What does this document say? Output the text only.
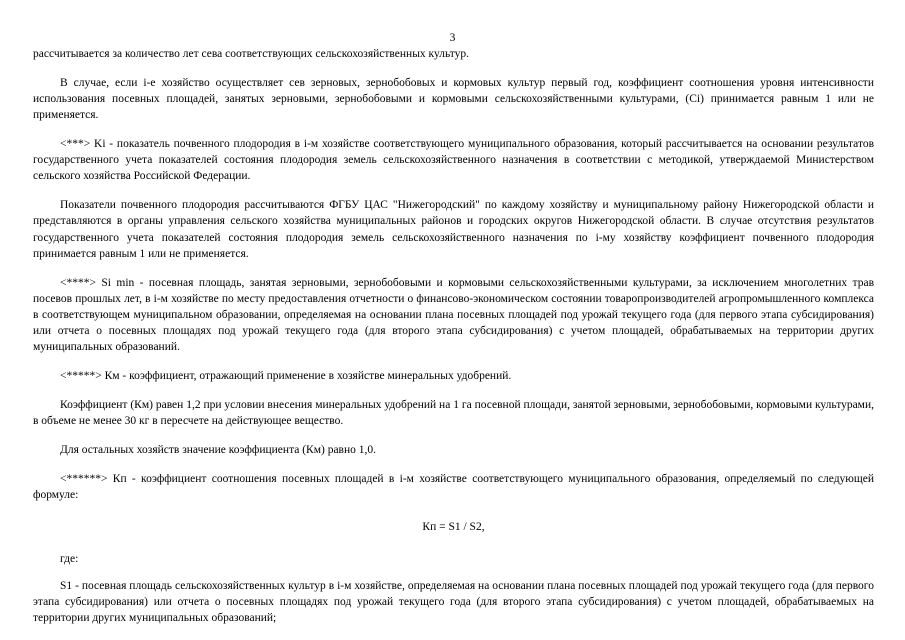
3

рассчитывается за количество лет сева соответствующих сельскохозяйственных культур.

В случае, если i-е хозяйство осуществляет сев зерновых, зернобобовых и кормовых культур первый год, коэффициент соотношения уровня интенсивности использования посевных площадей, занятых зерновыми, зернобобовыми и кормовыми сельскохозяйственными культурами, (Ci) принимается равным 1 или не применяется.

<***> Ki - показатель почвенного плодородия в i-м хозяйстве соответствующего муниципального образования, который рассчитывается на основании результатов государственного учета показателей состояния плодородия земель сельскохозяйственного назначения в соответствии с методикой, утверждаемой Министерством сельского хозяйства Российской Федерации.

Показатели почвенного плодородия рассчитываются ФГБУ ЦАС "Нижегородский" по каждому хозяйству и муниципальному району Нижегородской области и представляются в органы управления сельского хозяйства муниципальных районов и городских округов Нижегородской области. В случае отсутствия результатов государственного учета показателей состояния плодородия земель сельскохозяйственного назначения по i-му хозяйству коэффициент почвенного плодородия принимается равным 1 или не применяется.

<****> Si min - посевная площадь, занятая зерновыми, зернобобовыми и кормовыми сельскохозяйственными культурами, за исключением многолетних трав посевов прошлых лет, в i-м хозяйстве по месту предоставления отчетности о финансово-экономическом состоянии товаропроизводителей агропромышленного комплекса в соответствующем муниципальном образовании, определяемая на основании плана посевных площадей под урожай текущего года (для первого этапа субсидирования) или отчета о посевных площадях под урожай текущего года (для второго этапа субсидирования) с учетом площадей, обрабатываемых на территории других муниципальных образований.

<*****> Км - коэффициент, отражающий применение в хозяйстве минеральных удобрений.

Коэффициент (Км) равен 1,2 при условии внесения минеральных удобрений на 1 га посевной площади, занятой зерновыми, зернобобовыми, кормовыми культурами, в объеме не менее 30 кг в пересчете на действующее вещество.

Для остальных хозяйств значение коэффициента (Км) равно 1,0.

<******> Кп - коэффициент соотношения посевных площадей в i-м хозяйстве соответствующего муниципального образования, определяемый по следующей формуле:

Кп = S1 / S2,

где:

S1 - посевная площадь сельскохозяйственных культур в i-м хозяйстве, определяемая на основании плана посевных площадей под урожай текущего года (для первого этапа субсидирования) или отчета о посевных площадях под урожай текущего года (для второго этапа субсидирования) с учетом площадей, обрабатываемых на территории других муниципальных образований;
